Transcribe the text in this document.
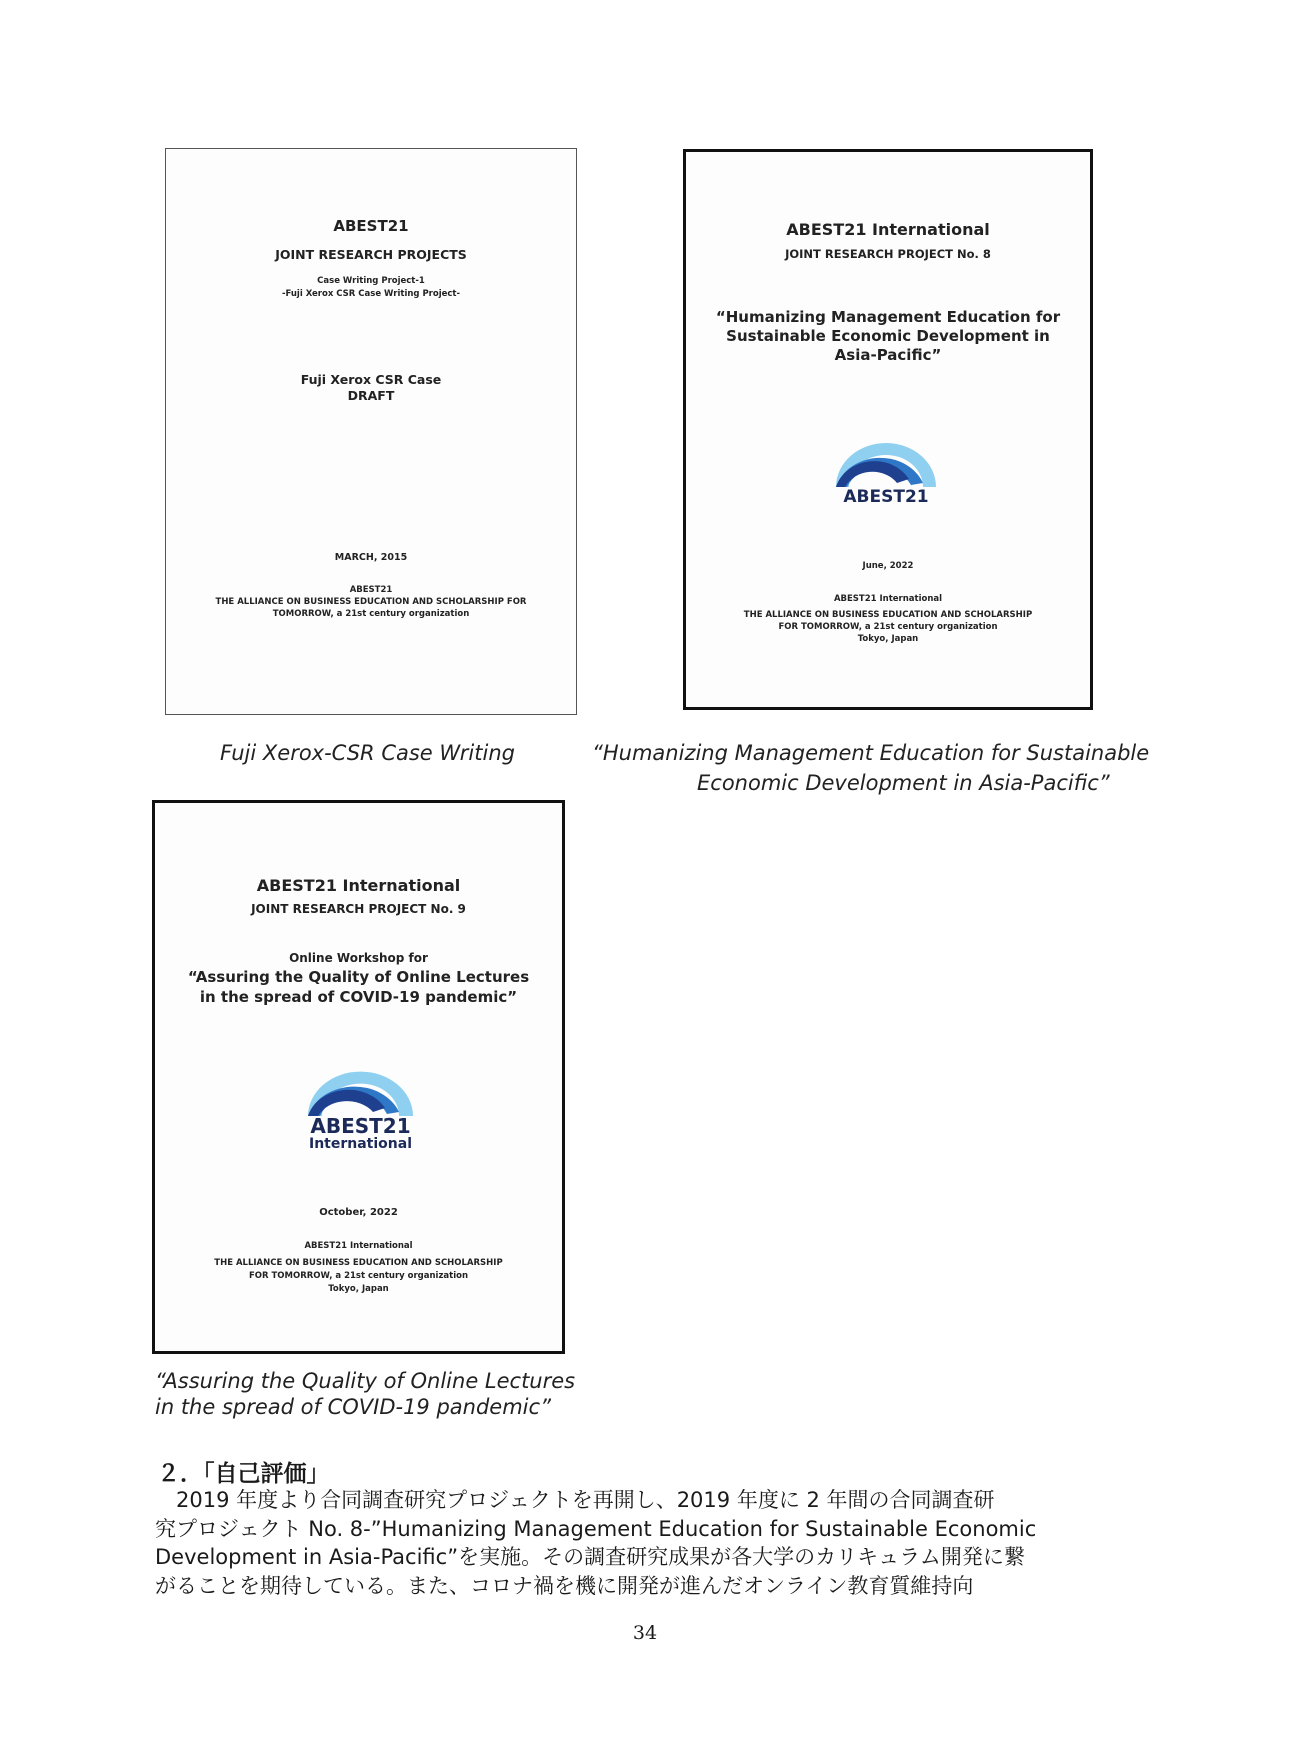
ABEST21
JOINT RESEARCH PROJECTS
Case Writing Project-1
-Fuji Xerox CSR Case Writing Project-
Fuji Xerox CSR Case
DRAFT
MARCH, 2015
ABEST21
THE ALLIANCE ON BUSINESS EDUCATION AND SCHOLARSHIP FOR
TOMORROW, a 21st century organization
ABEST21 International
JOINT RESEARCH PROJECT No. 8
“Humanizing Management Education for
Sustainable Economic Development in
Asia-Pacific”
ABEST21
June, 2022
ABEST21 International
THE ALLIANCE ON BUSINESS EDUCATION AND SCHOLARSHIP
FOR TOMORROW, a 21st century organization
Tokyo, Japan
Fuji Xerox-CSR Case Writing	“Humanizing Management Education for Sustainable
Economic Development in Asia-Pacific”
ABEST21 International
JOINT RESEARCH PROJECT No. 9
Online Workshop for
“Assuring the Quality of Online Lectures
in the spread of COVID-19 pandemic”
ABEST21
International
October, 2022
ABEST21 International
THE ALLIANCE ON BUSINESS EDUCATION AND SCHOLARSHIP
FOR TOMORROW, a 21st century organization
Tokyo, Japan
“Assuring the Quality of Online Lectures
in the spread of COVID-19 pandemic”
２．「自己評価」
　2019 年度より合同調査研究プロジェクトを再開し、2019 年度に 2 年間の合同調査研
究プロジェクト No. 8-”Humanizing Management Education for Sustainable Economic
Development in Asia-Pacific”を実施。その調査研究成果が各大学のカリキュラム開発に繋
がることを期待している。また、コロナ禍を機に開発が進んだオンライン教育質維持向
34
